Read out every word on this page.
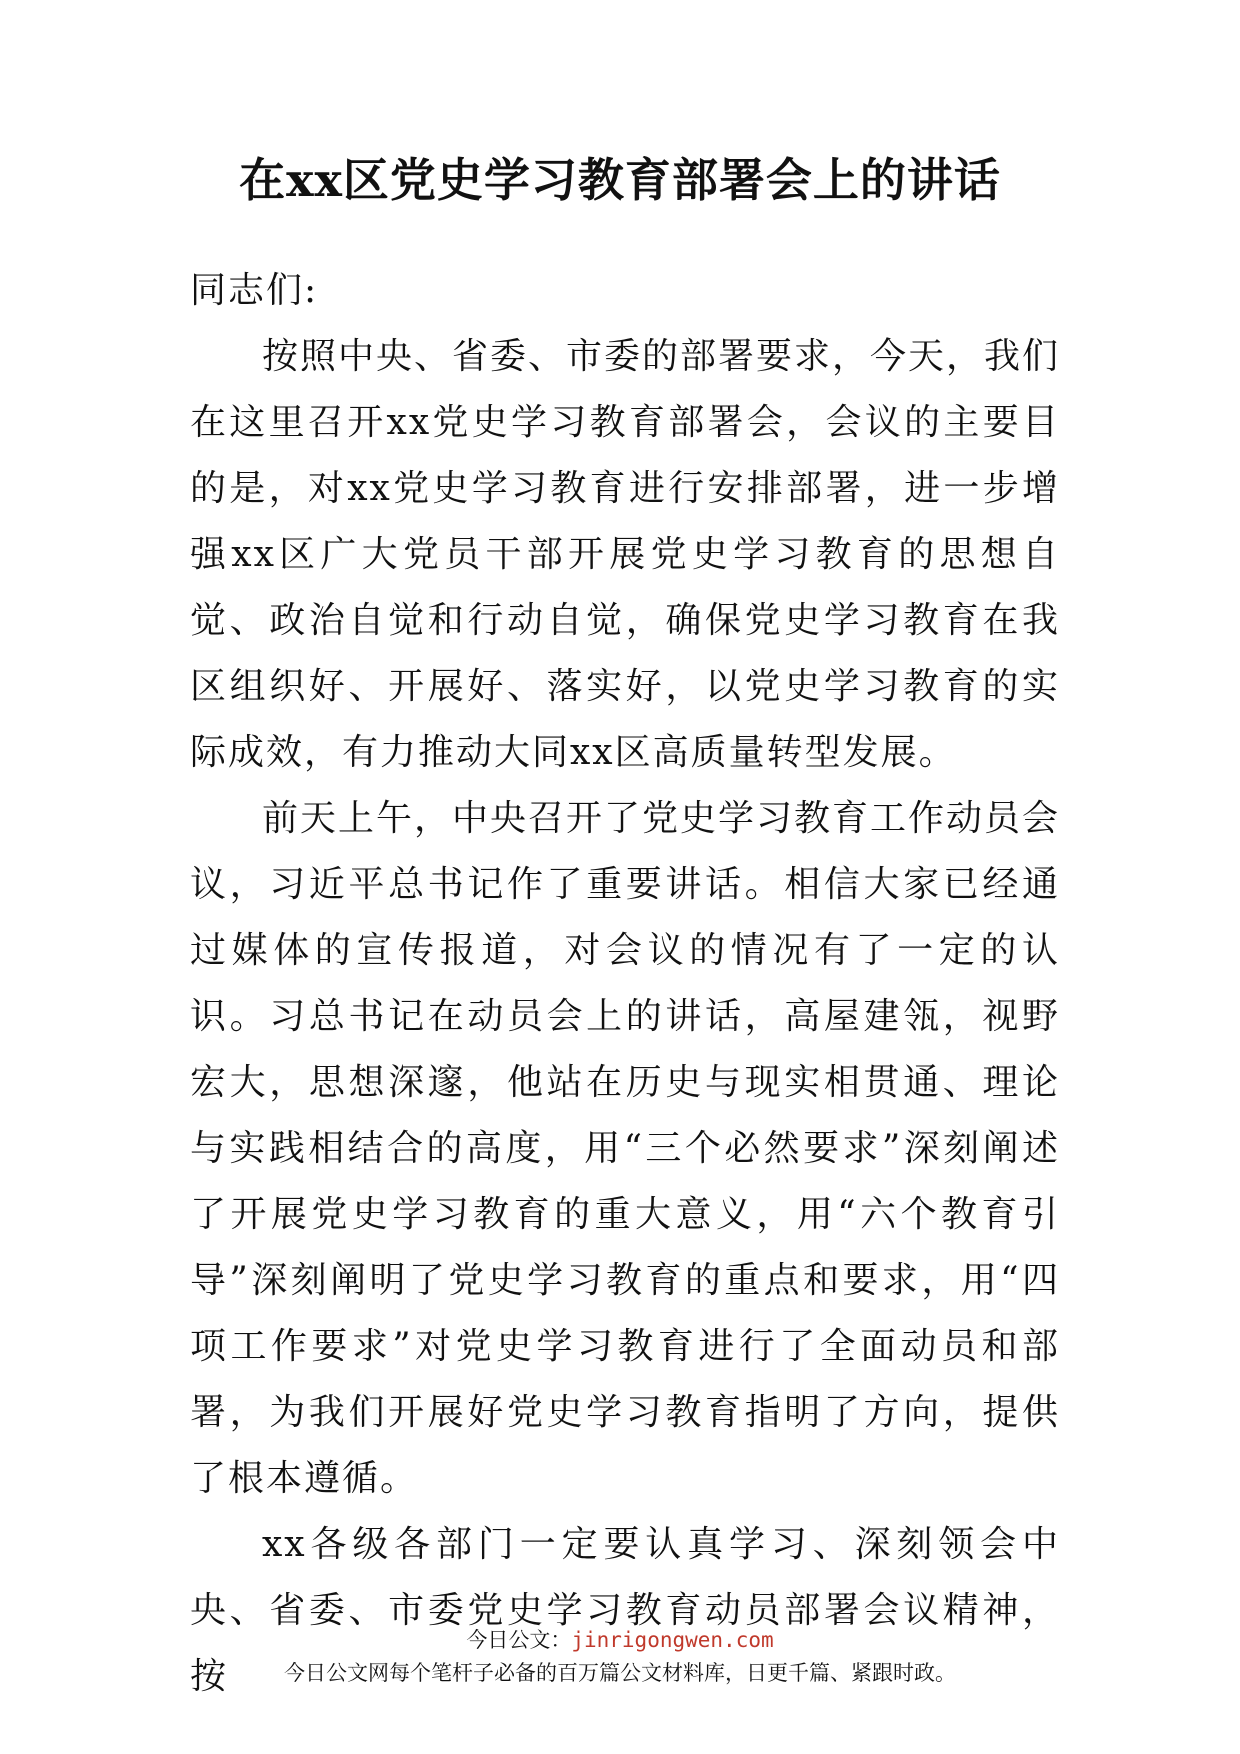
在xx区党史学习教育部署会上的讲话

同志们:

按照中央、省委、市委的部署要求，今天，我们在这里召开xx党史学习教育部署会，会议的主要目的是，对xx党史学习教育进行安排部署，进一步增强xx区广大党员干部开展党史学习教育的思想自觉、政治自觉和行动自觉，确保党史学习教育在我区组织好、开展好、落实好，以党史学习教育的实际成效，有力推动大同xx区高质量转型发展。

前天上午，中央召开了党史学习教育工作动员会议，习近平总书记作了重要讲话。相信大家已经通过媒体的宣传报道，对会议的情况有了一定的认识。习总书记在动员会上的讲话，高屋建瓴，视野宏大，思想深邃，他站在历史与现实相贯通、理论与实践相结合的高度，用“三个必然要求”深刻阐述了开展党史学习教育的重大意义，用“六个教育引导”深刻阐明了党史学习教育的重点和要求，用“四项工作要求”对党史学习教育进行了全面动员和部署，为我们开展好党史学习教育指明了方向，提供了根本遵循。

xx各级各部门一定要认真学习、深刻领会中央、省委、市委党史学习教育动员部署会议精神，按

今日公文：jinrigongwen.com
今日公文网每个笔杆子必备的百万篇公文材料库，日更千篇、紧跟时政。
